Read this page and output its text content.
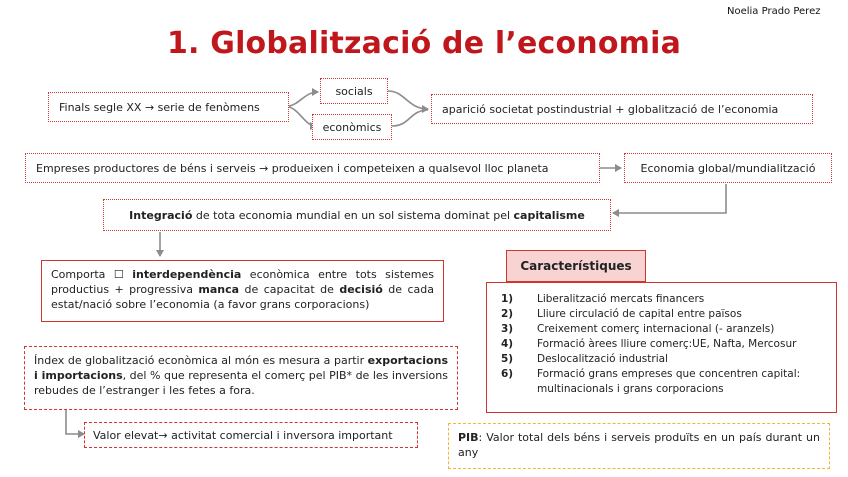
Noelia Prado Perez
1. Globalització de l’economia
Finals segle XX → serie de fenòmens
socials
econòmics
aparició societat postindustrial + globalització de l’economia
Empreses productores de béns i serveis → produeixen i competeixen a qualsevol lloc planeta	Economia global/mundialització
Integració de tota economia mundial en un sol sistema dominat pel capitalisme
Comporta ☐ interdependència econòmica entre tots sistemes productius + progressiva manca de capacitat de decisió de cada estat/nació sobre l’economia (a favor grans corporacions)
Índex de globalització econòmica al món es mesura a partir exportacions i importacions, del % que representa el comerç pel PIB* de les inversions rebudes de l’estranger i les fetes a fora.
Valor elevat→ activitat comercial i inversora important
Característiques
1)	Liberalització mercats financers
2)	Lliure circulació de capital entre països
3)	Creixement comerç internacional (- aranzels)
4)	Formació àrees lliure comerç:UE, Nafta, Mercosur
5)	Deslocalització industrial
6)	Formació grans empreses que concentren capital: multinacionals i grans corporacions
PIB: Valor total dels béns i serveis produïts en un país durant un any
